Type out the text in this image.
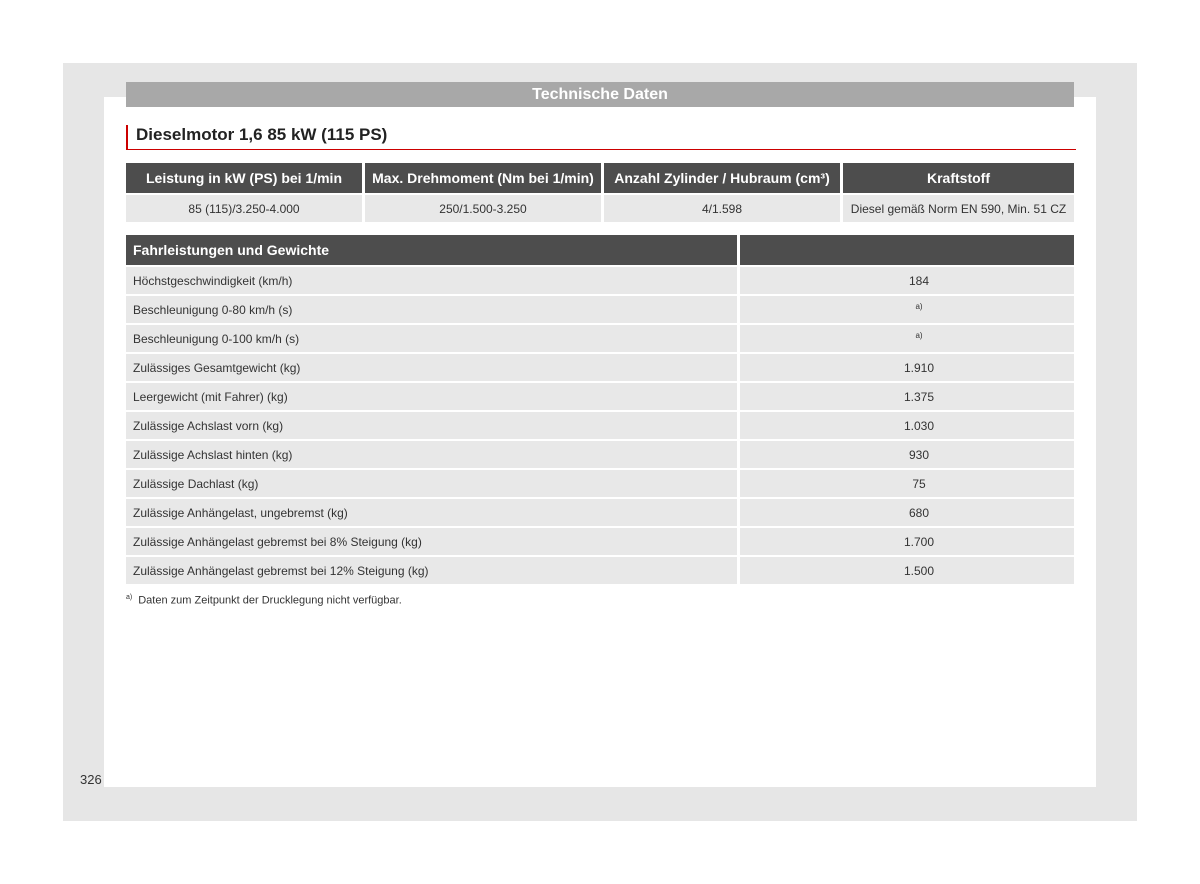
Technische Daten
Dieselmotor 1,6 85 kW (115 PS)
Leistung in kW (PS) bei 1/min	Max. Drehmoment (Nm bei 1/min)	Anzahl Zylinder / Hubraum (cm³)	Kraftstoff
85 (115)/3.250-4.000	250/1.500-3.250	4/1.598	Diesel gemäß Norm EN 590, Min. 51 CZ
Fahrleistungen und Gewichte	
Höchstgeschwindigkeit (km/h)	184
Beschleunigung 0-80 km/h (s)	$^{a)}$
Beschleunigung 0-100 km/h (s)	$^{a)}$
Zulässiges Gesamtgewicht (kg)	1.910
Leergewicht (mit Fahrer) (kg)	1.375
Zulässige Achslast vorn (kg)	1.030
Zulässige Achslast hinten (kg)	930
Zulässige Dachlast (kg)	75
Zulässige Anhängelast, ungebremst (kg)	680
Zulässige Anhängelast gebremst bei 8% Steigung (kg)	1.700
Zulässige Anhängelast gebremst bei 12% Steigung (kg)	1.500
$^{a)}$ Daten zum Zeitpunkt der Drucklegung nicht verfügbar.
326
